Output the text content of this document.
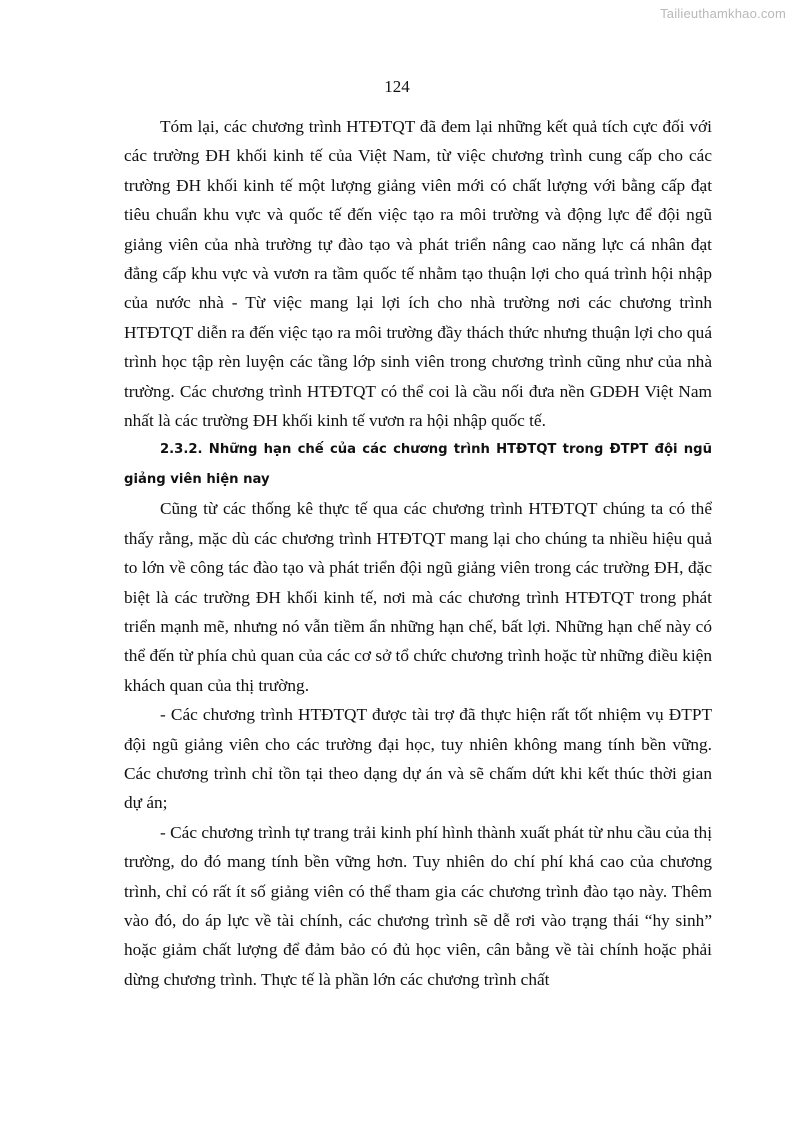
Tailieuthamkhao.com
124

Tóm lại, các chương trình HTĐTQT đã đem lại những kết quả tích cực đối với các trường ĐH khối kinh tế của Việt Nam, từ việc chương trình cung cấp cho các trường ĐH khối kinh tế một lượng giảng viên mới có chất lượng với bằng cấp đạt tiêu chuẩn khu vực và quốc tế đến việc tạo ra môi trường và động lực để đội ngũ giảng viên của nhà trường tự đào tạo và phát triển nâng cao năng lực cá nhân đạt đẳng cấp khu vực và vươn ra tầm quốc tế nhằm tạo thuận lợi cho quá trình hội nhập của nước nhà - Từ việc mang lại lợi ích cho nhà trường nơi các chương trình HTĐTQT diễn ra đến việc tạo ra môi trường đầy thách thức nhưng thuận lợi cho quá trình học tập rèn luyện các tầng lớp sinh viên trong chương trình cũng như của nhà trường. Các chương trình HTĐTQT có thể coi là cầu nối đưa nền GDĐH Việt Nam nhất là các trường ĐH khối kinh tế vươn ra hội nhập quốc tế.

2.3.2. Những hạn chế của các chương trình HTĐTQT trong ĐTPT đội ngũ giảng viên hiện nay

Cũng từ các thống kê thực tế qua các chương trình HTĐTQT chúng ta có thể thấy rằng, mặc dù các chương trình HTĐTQT mang lại cho chúng ta nhiều hiệu quả to lớn về công tác đào tạo và phát triển đội ngũ giảng viên trong các trường ĐH, đặc biệt là các trường ĐH khối kinh tế, nơi mà các chương trình HTĐTQT trong phát triển mạnh mẽ, nhưng nó vẫn tiềm ẩn những hạn chế, bất lợi. Những hạn chế này có thể đến từ phía chủ quan của các cơ sở tổ chức chương trình hoặc từ những điều kiện khách quan của thị trường.

- Các chương trình HTĐTQT được tài trợ đã thực hiện rất tốt nhiệm vụ ĐTPT đội ngũ giảng viên cho các trường đại học, tuy nhiên không mang tính bền vững. Các chương trình chỉ tồn tại theo dạng dự án và sẽ chấm dứt khi kết thúc thời gian dự án;

- Các chương trình tự trang trải kinh phí hình thành xuất phát từ nhu cầu của thị trường, do đó mang tính bền vững hơn. Tuy nhiên do chí phí khá cao của chương trình, chỉ có rất ít số giảng viên có thể tham gia các chương trình đào tạo này. Thêm vào đó, do áp lực về tài chính, các chương trình sẽ dễ rơi vào trạng thái “hy sinh” hoặc giảm chất lượng để đảm bảo có đủ học viên, cân bằng về tài chính hoặc phải dừng chương trình. Thực tế là phần lớn các chương trình chất
